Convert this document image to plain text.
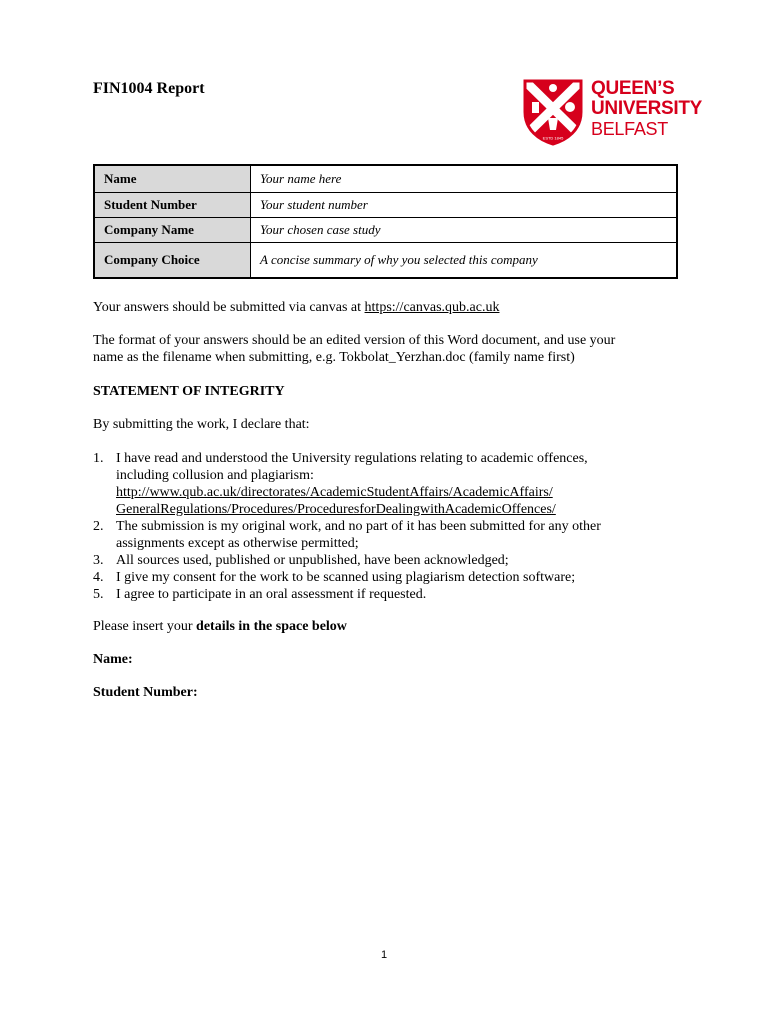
FIN1004 Report
ESTD 1845
QUEEN’S
UNIVERSITY
BELFAST
Name	Your name here
Student Number	Your student number
Company Name	Your chosen case study
Company Choice	A concise summary of why you selected this company

Your answers should be submitted via canvas at https://canvas.qub.ac.uk

The format of your answers should be an edited version of this Word document, and use your
name as the filename when submitting, e.g. Tokbolat_Yerzhan.doc (family name first)

STATEMENT OF INTEGRITY

By submitting the work, I declare that:

1. I have read and understood the University regulations relating to academic offences,
including collusion and plagiarism:
http://www.qub.ac.uk/directorates/AcademicStudentAffairs/AcademicAffairs/
GeneralRegulations/Procedures/ProceduresforDealingwithAcademicOffences/
2. The submission is my original work, and no part of it has been submitted for any other
assignments except as otherwise permitted;
3. All sources used, published or unpublished, have been acknowledged;
4. I give my consent for the work to be scanned using plagiarism detection software;
5. I agree to participate in an oral assessment if requested.

Please insert your details in the space below

Name:

Student Number:

1
